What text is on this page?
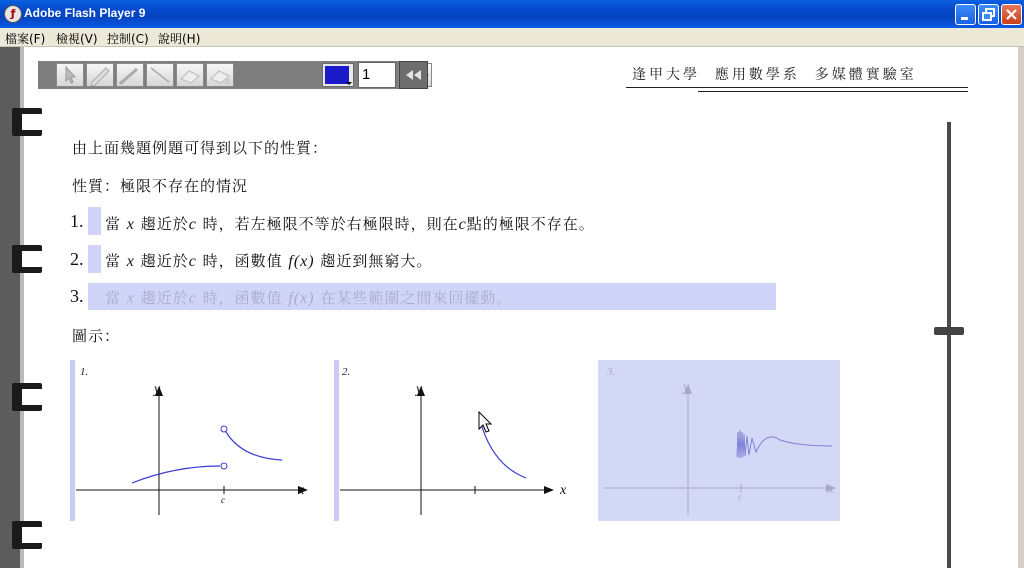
ƒ Adobe Flash Player 9
檔案(F) 檢視(V) 控制(C) 說明(H)
1	逢甲大學  應用數學系  多媒體實驗室
由上面幾題例題可得到以下的性質：
性質：極限不存在的情況
1. 當 x 趨近於c 時，若左極限不等於右極限時，則在c點的極限不存在。
2. 當 x 趨近於c 時，函數值 f(x) 趨近到無窮大。
3. 當 x 趨近於c 時，函數值 f(x) 在某些範圍之間來回擺動。
圖示：
1.
y
x
c
2.
y
x
3.
y
x
c
